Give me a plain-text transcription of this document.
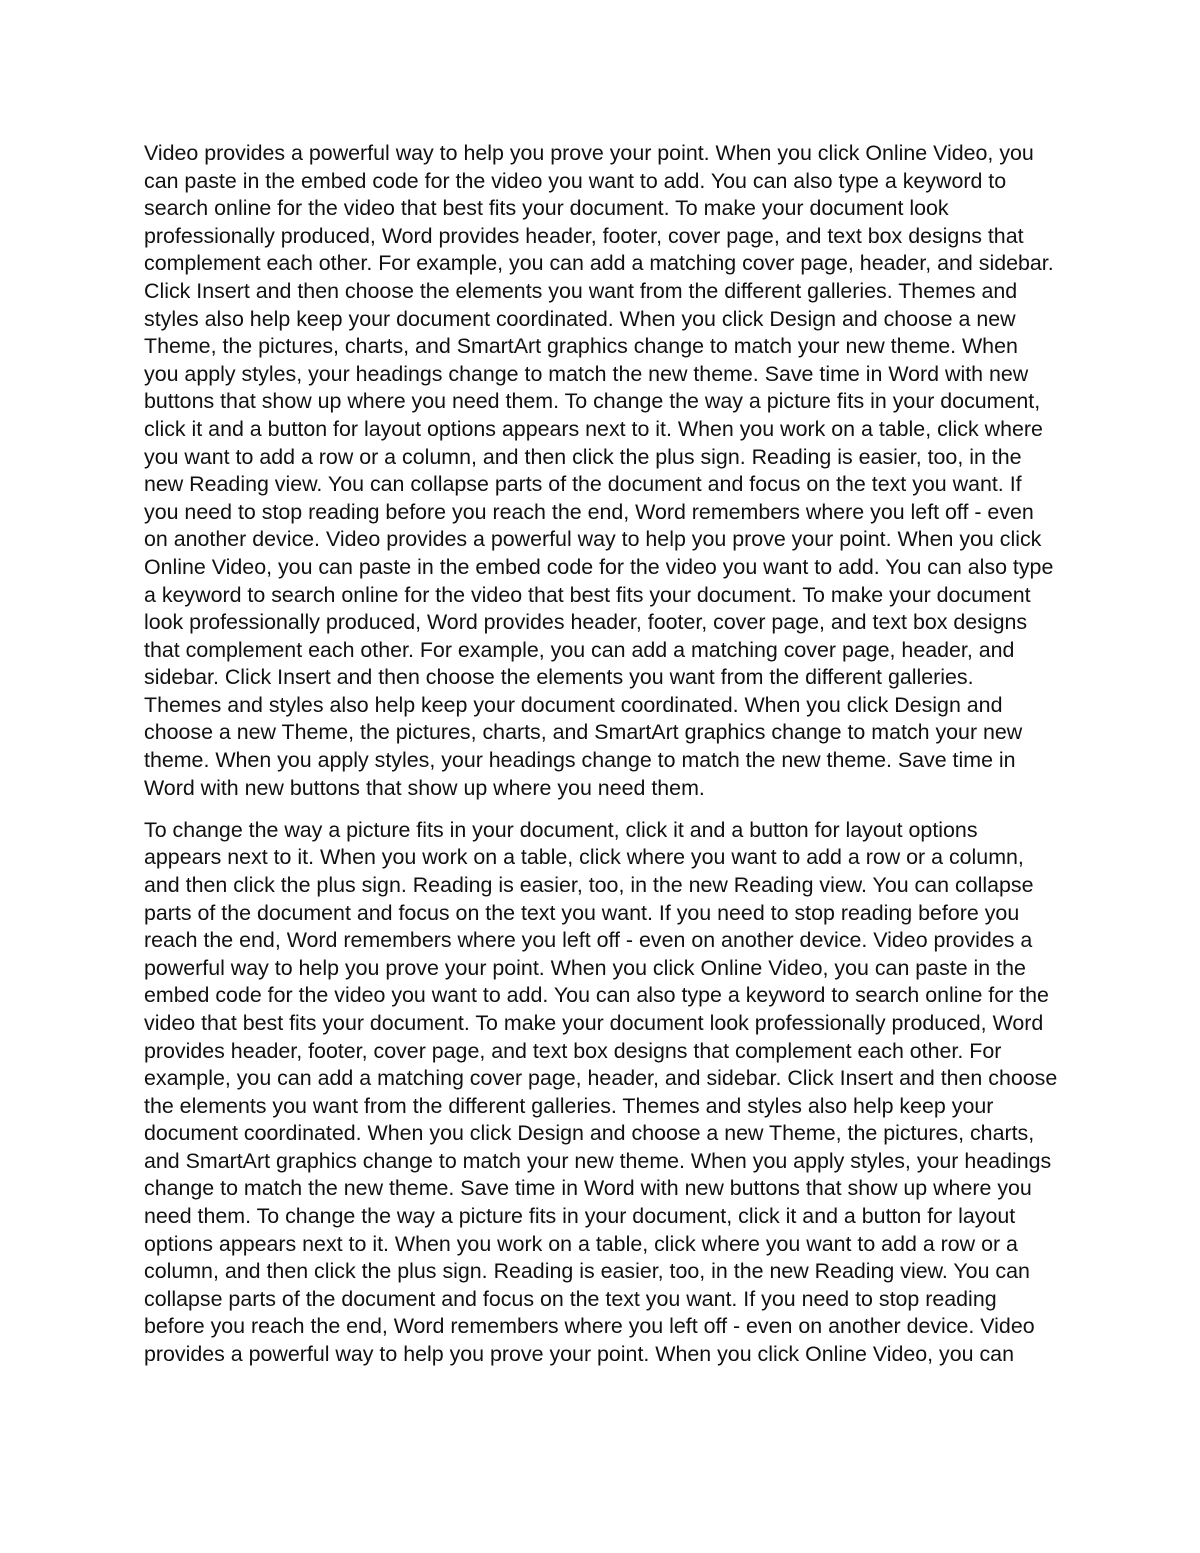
Video provides a powerful way to help you prove your point. When you click Online Video, you
can paste in the embed code for the video you want to add. You can also type a keyword to
search online for the video that best fits your document. To make your document look
professionally produced, Word provides header, footer, cover page, and text box designs that
complement each other. For example, you can add a matching cover page, header, and sidebar.
Click Insert and then choose the elements you want from the different galleries. Themes and
styles also help keep your document coordinated. When you click Design and choose a new
Theme, the pictures, charts, and SmartArt graphics change to match your new theme. When
you apply styles, your headings change to match the new theme. Save time in Word with new
buttons that show up where you need them. To change the way a picture fits in your document,
click it and a button for layout options appears next to it. When you work on a table, click where
you want to add a row or a column, and then click the plus sign. Reading is easier, too, in the
new Reading view. You can collapse parts of the document and focus on the text you want. If
you need to stop reading before you reach the end, Word remembers where you left off - even
on another device. Video provides a powerful way to help you prove your point. When you click
Online Video, you can paste in the embed code for the video you want to add. You can also type
a keyword to search online for the video that best fits your document. To make your document
look professionally produced, Word provides header, footer, cover page, and text box designs
that complement each other. For example, you can add a matching cover page, header, and
sidebar. Click Insert and then choose the elements you want from the different galleries.
Themes and styles also help keep your document coordinated. When you click Design and
choose a new Theme, the pictures, charts, and SmartArt graphics change to match your new
theme. When you apply styles, your headings change to match the new theme. Save time in
Word with new buttons that show up where you need them.
To change the way a picture fits in your document, click it and a button for layout options
appears next to it. When you work on a table, click where you want to add a row or a column,
and then click the plus sign. Reading is easier, too, in the new Reading view. You can collapse
parts of the document and focus on the text you want. If you need to stop reading before you
reach the end, Word remembers where you left off - even on another device. Video provides a
powerful way to help you prove your point. When you click Online Video, you can paste in the
embed code for the video you want to add. You can also type a keyword to search online for the
video that best fits your document. To make your document look professionally produced, Word
provides header, footer, cover page, and text box designs that complement each other. For
example, you can add a matching cover page, header, and sidebar. Click Insert and then choose
the elements you want from the different galleries. Themes and styles also help keep your
document coordinated. When you click Design and choose a new Theme, the pictures, charts,
and SmartArt graphics change to match your new theme. When you apply styles, your headings
change to match the new theme. Save time in Word with new buttons that show up where you
need them. To change the way a picture fits in your document, click it and a button for layout
options appears next to it. When you work on a table, click where you want to add a row or a
column, and then click the plus sign. Reading is easier, too, in the new Reading view. You can
collapse parts of the document and focus on the text you want. If you need to stop reading
before you reach the end, Word remembers where you left off - even on another device. Video
provides a powerful way to help you prove your point. When you click Online Video, you can
